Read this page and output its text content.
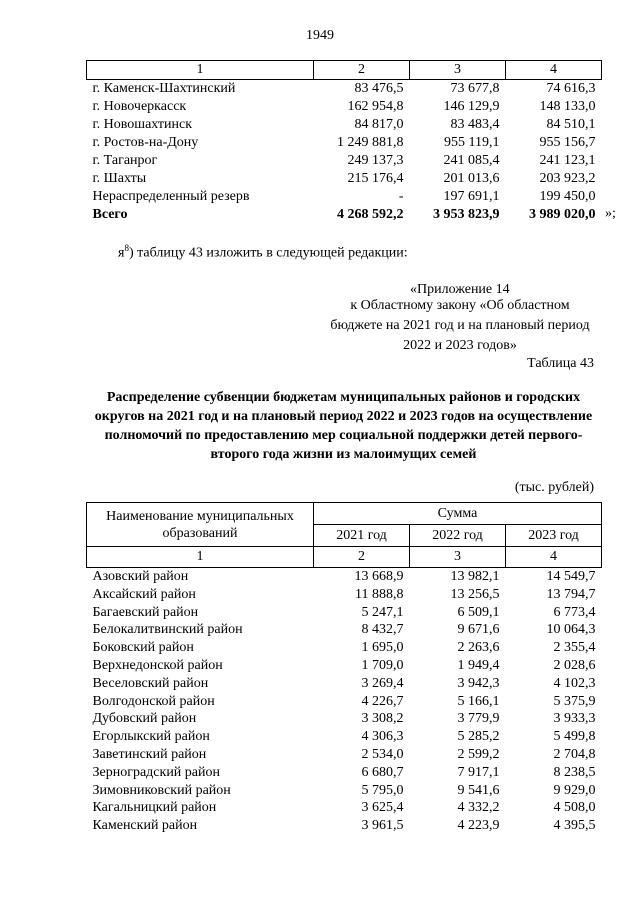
1949
1	2	3	4
г. Каменск-Шахтинский	83 476,5	73 677,8	74 616,3
г. Новочеркасск	162 954,8	146 129,9	148 133,0
г. Новошахтинск	84 817,0	83 483,4	84 510,1
г. Ростов-на-Дону	1 249 881,8	955 119,1	955 156,7
г. Таганрог	249 137,3	241 085,4	241 123,1
г. Шахты	215 176,4	201 013,6	203 923,2
Нераспределенный резерв	-	197 691,1	199 450,0
Всего	4 268 592,2	3 953 823,9	3 989 020,0 »;
$я^8$) таблицу 43 изложить в следующей редакции:
«Приложение 14
к Областному закону «Об областном бюджете на 2021 год и на плановый период 2022 и 2023 годов»
Таблица 43
Распределение субвенции бюджетам муниципальных районов и городских округов на 2021 год и на плановый период 2022 и 2023 годов на осуществление полномочий по предоставлению мер социальной поддержки детей первого-второго года жизни из малоимущих семей
(тыс. рублей)
Наименование муниципальных образований	Сумма		
	2021 год	2022 год	2023 год
1	2	3	4
Азовский район	13 668,9	13 982,1	14 549,7
Аксайский район	11 888,8	13 256,5	13 794,7
Багаевский район	5 247,1	6 509,1	6 773,4
Белокалитвинский район	8 432,7	9 671,6	10 064,3
Боковский район	1 695,0	2 263,6	2 355,4
Верхнедонской район	1 709,0	1 949,4	2 028,6
Веселовский район	3 269,4	3 942,3	4 102,3
Волгодонской район	4 226,7	5 166,1	5 375,9
Дубовский район	3 308,2	3 779,9	3 933,3
Егорлыкский район	4 306,3	5 285,2	5 499,8
Заветинский район	2 534,0	2 599,2	2 704,8
Зерноградский район	6 680,7	7 917,1	8 238,5
Зимовниковский район	5 795,0	9 541,6	9 929,0
Кагальницкий район	3 625,4	4 332,2	4 508,0
Каменский район	3 961,5	4 223,9	4 395,5
